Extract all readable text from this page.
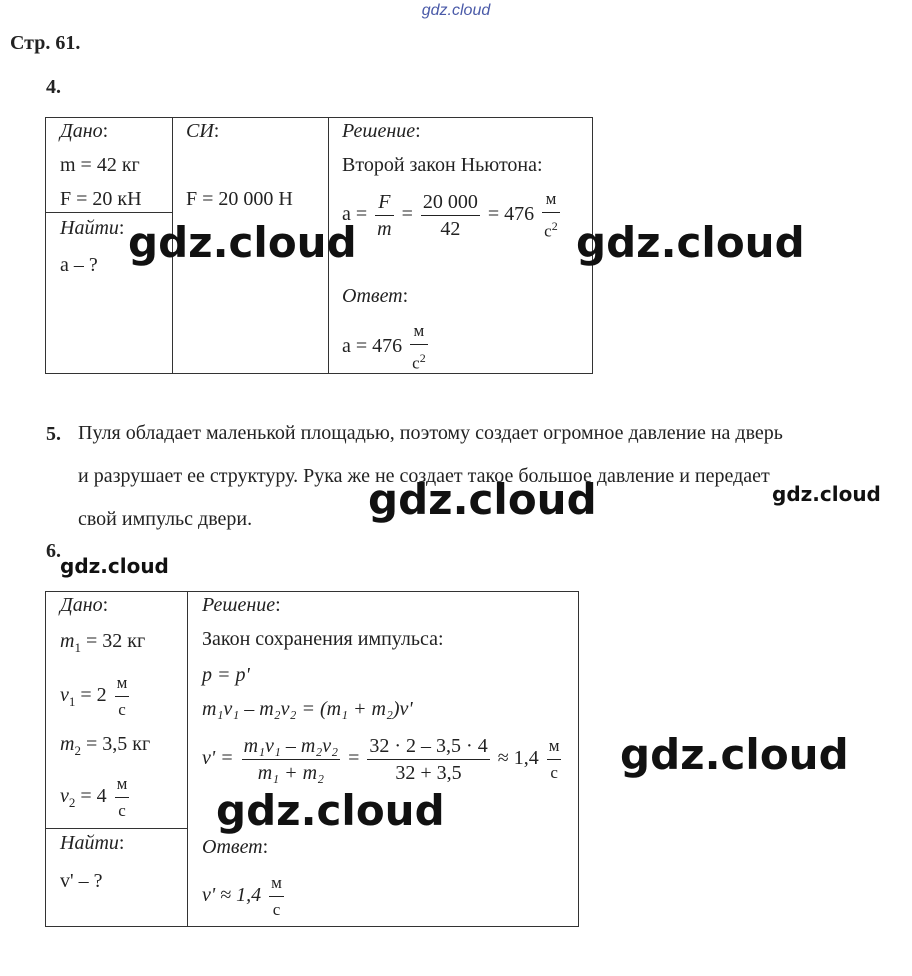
gdz.cloud
Стр. 61.
4.

Дано:
m = 42 кг
F = 20 кН
Найти:
a – ?
СИ:
F = 20 000 Н
Решение:
Второй закон Ньютона:
$a = \frac{F}{m} = \frac{20 000}{42} = 476 \frac{м}{с^2}$
Ответ:
$a = 476 \frac{м}{с^2}$
gdz.cloud	gdz.cloud
5. Пуля обладает маленькой площадью, поэтому создает огромное давление на дверь
и разрушает ее структуру. Рука же не создает такое большое давление и передает
свой импульс двери.	gdz.cloud	gdz.cloud
6.
gdz.cloud

Дано:
$m_1 = 32$ кг
$v_1 = 2 \frac{м}{с}$
$m_2 = 3,5$ кг
$v_2 = 4 \frac{м}{с}$
Найти:
v' – ?
Решение:
Закон сохранения импульса:
p = p'
m₁v₁ – m₂v₂ = (m₁ + m₂)v'
$v' = \frac{\text{m₁v₁ – m₂v₂}}{\text{m₁ + m₂}} = \frac{32 \cdot 2 - 3,5 \cdot 4}{32 + 3,5} \approx 1,4 \frac{м}{с}$
Ответ:
$v' \approx 1,4 \frac{м}{с}$
gdz.cloud
gdz.cloud
